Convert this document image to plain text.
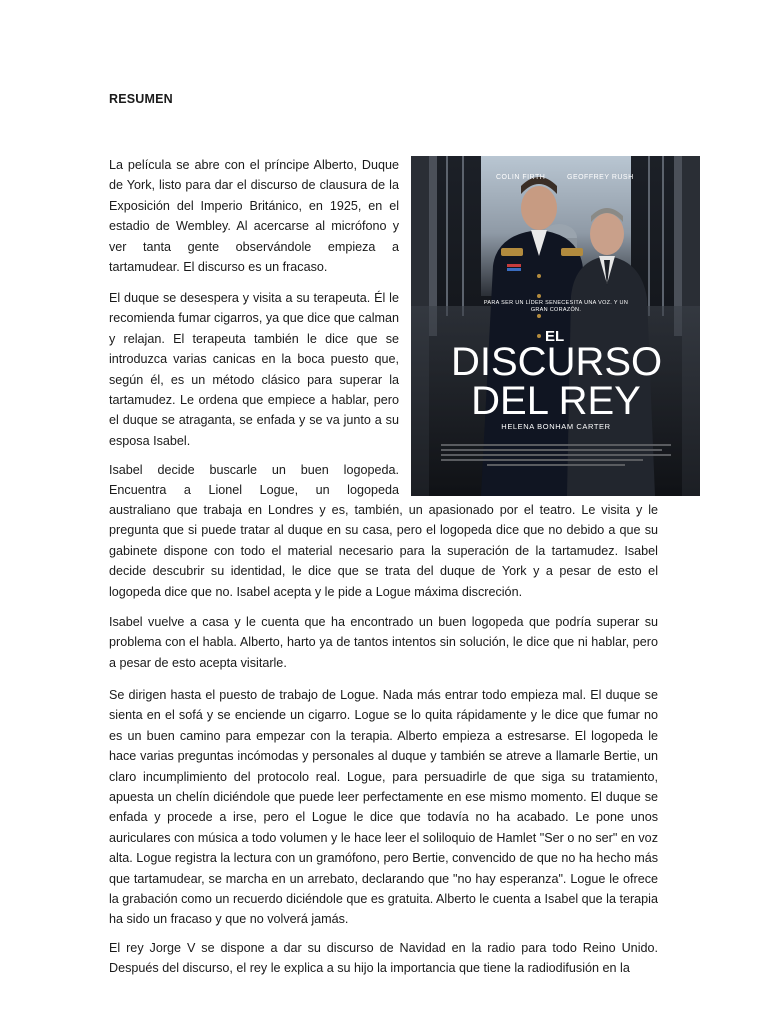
RESUMEN
COLIN FIRTH	GEOFFREY RUSH
PARA SER UN LÍDER SENECESITA UNA VOZ. Y UN GRAN CORAZÓN.
EL
DISCURSO
DEL REY
HELENA BONHAM CARTER

La película se abre con el príncipe Alberto, Duque de York, listo para dar el discurso de clausura de la Exposición del Imperio Británico, en 1925, en el estadio de Wembley. Al acercarse al micrófono y ver tanta gente observándole empieza a tartamudear. El discurso es un fracaso.

El duque se desespera y visita a su terapeuta. Él le recomienda fumar cigarros, ya que dice que calman y relajan. El terapeuta también le dice que se introduzca varias canicas en la boca puesto que, según él, es un método clásico para superar la tartamudez. Le ordena que empiece a hablar, pero el duque se atraganta, se enfada y se va junto a su esposa Isabel.

Isabel decide buscarle un buen logopeda. Encuentra a Lionel Logue, un logopeda

australiano que trabaja en Londres y es, también, un apasionado por el teatro. Le visita y le pregunta que si puede tratar al duque en su casa, pero el logopeda dice que no debido a que su gabinete dispone con todo el material necesario para la superación de la tartamudez. Isabel decide descubrir su identidad, le dice que se trata del duque de York y a pesar de esto el logopeda dice que no. Isabel acepta y le pide a Logue máxima discreción.

Isabel vuelve a casa y le cuenta que ha encontrado un buen logopeda que podría superar su problema con el habla. Alberto, harto ya de tantos intentos sin solución, le dice que ni hablar, pero a pesar de esto acepta visitarle.

Se dirigen hasta el puesto de trabajo de Logue. Nada más entrar todo empieza mal. El duque se sienta en el sofá y se enciende un cigarro. Logue se lo quita rápidamente y le dice que fumar no es un buen camino para empezar con la terapia. Alberto empieza a estresarse. El logopeda le hace varias preguntas incómodas y personales al duque y también se atreve a llamarle Bertie, un claro incumplimiento del protocolo real. Logue, para persuadirle de que siga su tratamiento, apuesta un chelín diciéndole que puede leer perfectamente en ese mismo momento. El duque se enfada y procede a irse, pero el Logue le dice que todavía no ha acabado. Le pone unos auriculares con música a todo volumen y le hace leer el soliloquio de Hamlet "Ser o no ser" en voz alta. Logue registra la lectura con un gramófono, pero Bertie, convencido de que no ha hecho más que tartamudear, se marcha en un arrebato, declarando que "no hay esperanza". Logue le ofrece la grabación como un recuerdo diciéndole que es gratuita. Alberto le cuenta a Isabel que la terapia ha sido un fracaso y que no volverá jamás.

El rey Jorge V se dispone a dar su discurso de Navidad en la radio para todo Reino Unido. Después del discurso, el rey le explica a su hijo la importancia que tiene la radiodifusión en la
